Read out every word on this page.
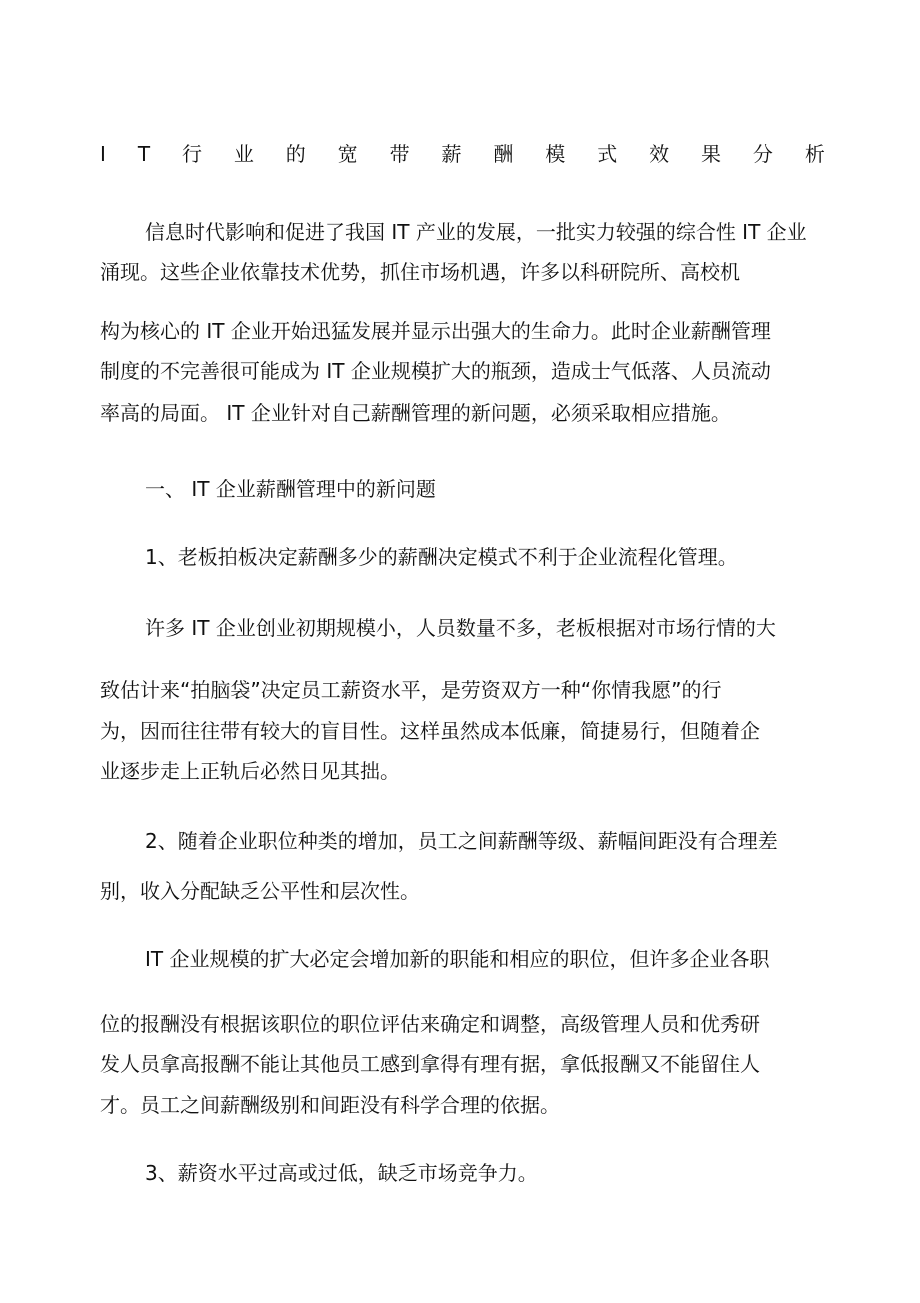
I T 行 业 的 宽 带 薪 酬 模 式 效 果 分 析
信息时代影响和促进了我国 IT 产业的发展，一批实力较强的综合性 IT 企业
涌现。这些企业依靠技术优势，抓住市场机遇，许多以科研院所、高校机
构为核心的 IT 企业开始迅猛发展并显示出强大的生命力。此时企业薪酬管理
制度的不完善很可能成为 IT 企业规模扩大的瓶颈，造成士气低落、人员流动
率高的局面。 IT 企业针对自己薪酬管理的新问题，必须采取相应措施。
一、 IT 企业薪酬管理中的新问题
1、老板拍板决定薪酬多少的薪酬决定模式不利于企业流程化管理。
许多 IT 企业创业初期规模小，人员数量不多，老板根据对市场行情的大
致估计来“拍脑袋”决定员工薪资水平，是劳资双方一种“你情我愿”的行
为，因而往往带有较大的盲目性。这样虽然成本低廉，简捷易行，但随着企
业逐步走上正轨后必然日见其拙。
2、随着企业职位种类的增加，员工之间薪酬等级、薪幅间距没有合理差
别，收入分配缺乏公平性和层次性。
IT 企业规模的扩大必定会增加新的职能和相应的职位，但许多企业各职
位的报酬没有根据该职位的职位评估来确定和调整，高级管理人员和优秀研
发人员拿高报酬不能让其他员工感到拿得有理有据，拿低报酬又不能留住人
才。员工之间薪酬级别和间距没有科学合理的依据。
3、薪资水平过高或过低，缺乏市场竞争力。
